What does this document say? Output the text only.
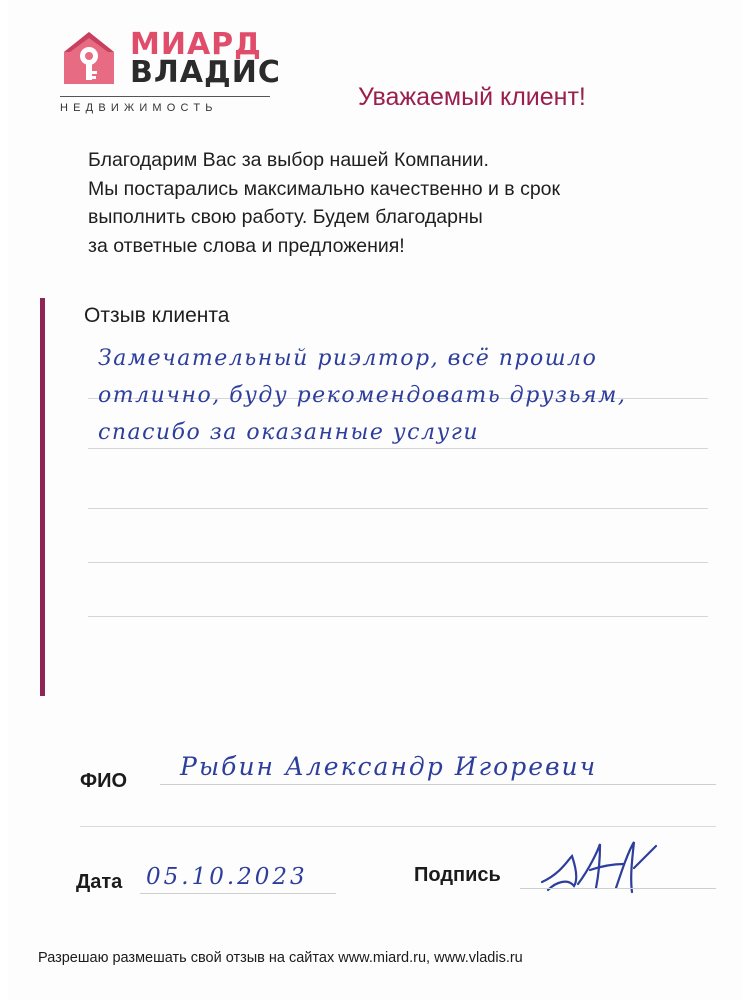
МИАРД
ВЛАДИС
НЕДВИЖИМОСТЬ	Уважаемый клиент!
Благодарим Вас за выбор нашей Компании.
Мы постарались максимально качественно и в срок
выполнить свою работу. Будем благодарны
за ответные слова и предложения!
Отзыв клиента
Замечательный риэлтор, всё прошло
отлично, буду рекомендовать друзьям,
спасибо за оказанные услуги
ФИО Рыбин Александр Игоревич
Дата 05.10.2023	Подпись
Разрешаю размешать свой отзыв на сайтах www.miard.ru, www.vladis.ru
